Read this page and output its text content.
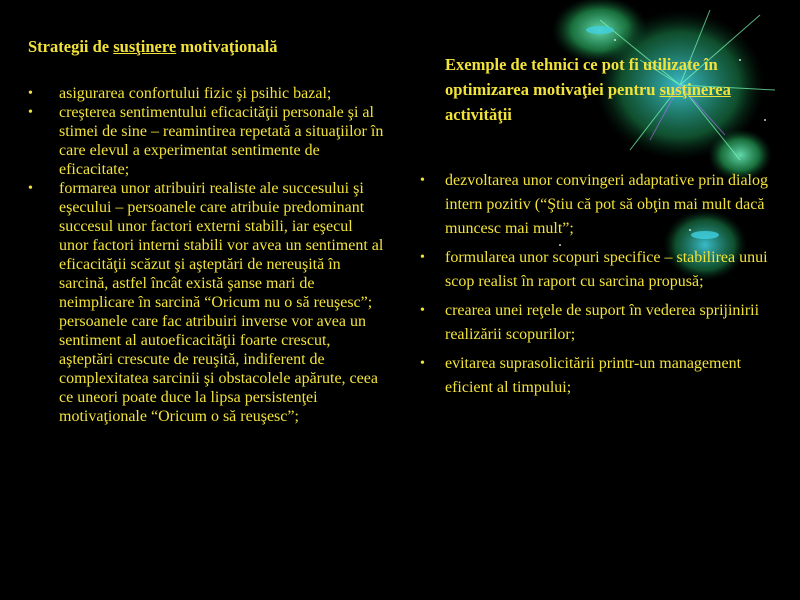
Strategii de susţinere motivaţională

• asigurarea confortului fizic şi psihic bazal;
• creşterea sentimentului eficacităţii personale şi al stimei de sine – reamintirea repetată a situaţiilor în care elevul a experimentat sentimente de eficacitate;
• formarea unor atribuiri realiste ale succesului şi eşecului – persoanele care atribuie predominant succesul unor factori externi stabili, iar eşecul unor factori interni stabili vor avea un sentiment al eficacităţii scăzut şi aşteptări de nereuşită în sarcină, astfel încât există şanse mari de neimplicare în sarcină “Oricum nu o să reuşesc”; persoanele care fac atribuiri inverse vor avea un sentiment al autoeficacităţii foarte crescut, aşteptări crescute de reuşită, indiferent de complexitatea sarcinii şi obstacolele apărute, ceea ce uneori poate duce la lipsa persistenţei motivaţionale “Oricum o să reuşesc”;

Exemple de tehnici ce pot fi utilizate în optimizarea motivaţiei pentru susţinerea activităţii

• dezvoltarea unor convingeri adaptative prin dialog intern pozitiv (“Ştiu că pot să obţin mai mult dacă muncesc mai mult”;
• formularea unor scopuri specifice – stabilirea unui scop realist în raport cu sarcina propusă;
• crearea unei reţele de suport în vederea sprijinirii realizării scopurilor;
• evitarea suprasolicitării printr-un management eficient al timpului;
